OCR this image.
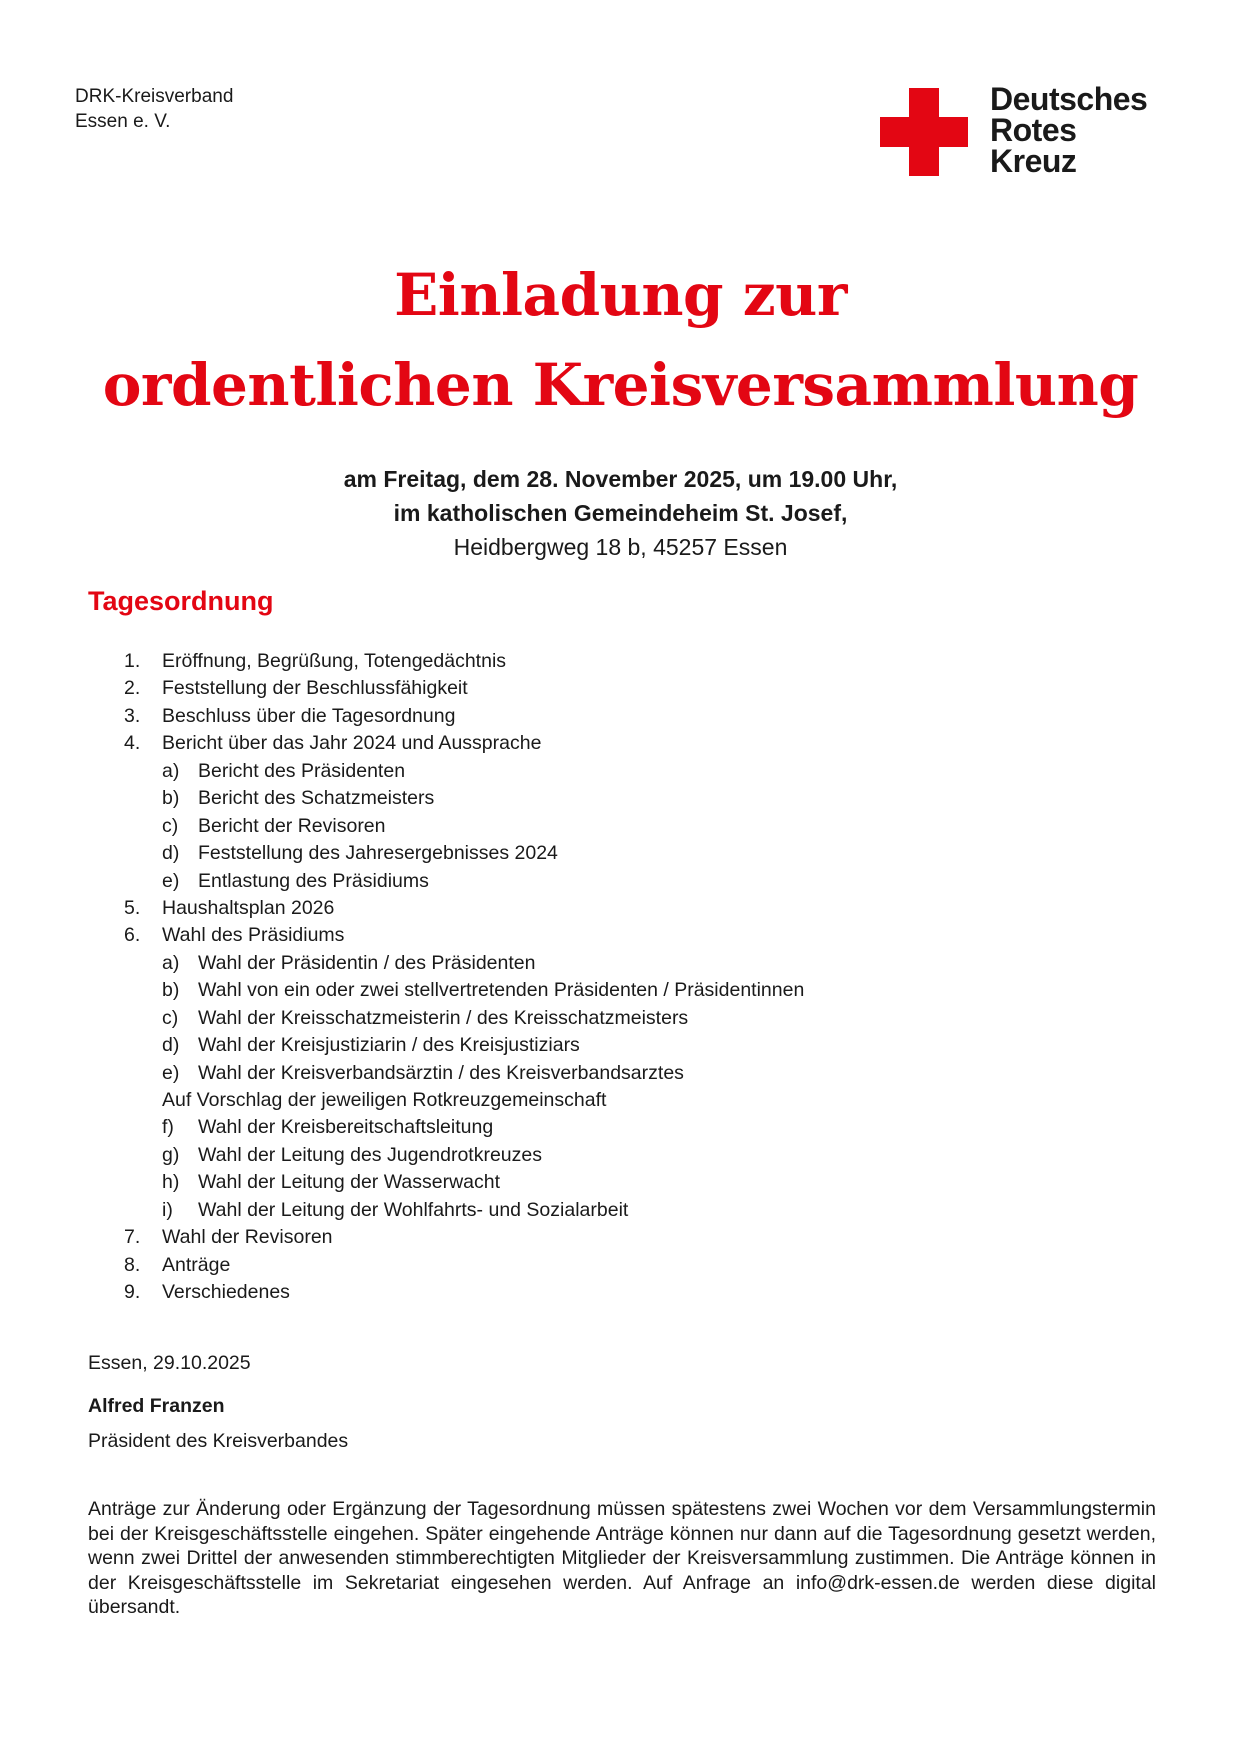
DRK-Kreisverband
Essen e. V.
Deutsches
Rotes
Kreuz
Einladung zur
ordentlichen Kreisversammlung
am Freitag, dem 28. November 2025, um 19.00 Uhr,
im katholischen Gemeindeheim St. Josef,
Heidbergweg 18 b, 45257 Essen
Tagesordnung
1. Eröffnung, Begrüßung, Totengedächtnis
2. Feststellung der Beschlussfähigkeit
3. Beschluss über die Tagesordnung
4. Bericht über das Jahr 2024 und Aussprache
a) Bericht des Präsidenten
b) Bericht des Schatzmeisters
c) Bericht der Revisoren
d) Feststellung des Jahresergebnisses 2024
e) Entlastung des Präsidiums
5. Haushaltsplan 2026
6. Wahl des Präsidiums
a) Wahl der Präsidentin / des Präsidenten
b) Wahl von ein oder zwei stellvertretenden Präsidenten / Präsidentinnen
c) Wahl der Kreisschatzmeisterin / des Kreisschatzmeisters
d) Wahl der Kreisjustiziarin / des Kreisjustiziars
e) Wahl der Kreisverbandsärztin / des Kreisverbandsarztes
Auf Vorschlag der jeweiligen Rotkreuzgemeinschaft
f) Wahl der Kreisbereitschaftsleitung
g) Wahl der Leitung des Jugendrotkreuzes
h) Wahl der Leitung der Wasserwacht
i) Wahl der Leitung der Wohlfahrts- und Sozialarbeit
7. Wahl der Revisoren
8. Anträge
9. Verschiedenes
Essen, 29.10.2025
Alfred Franzen
Präsident des Kreisverbandes
Anträge zur Änderung oder Ergänzung der Tagesordnung müssen spätestens zwei Wochen vor dem Versammlungstermin bei der Kreisgeschäftsstelle eingehen. Später eingehende Anträge können nur dann auf die Tagesordnung gesetzt werden, wenn zwei Drittel der anwesenden stimmberechtigten Mitglieder der Kreisversammlung zustimmen. Die Anträge können in der Kreisgeschäftsstelle im Sekretariat eingesehen werden. Auf Anfrage an info@drk-essen.de werden diese digital übersandt.
